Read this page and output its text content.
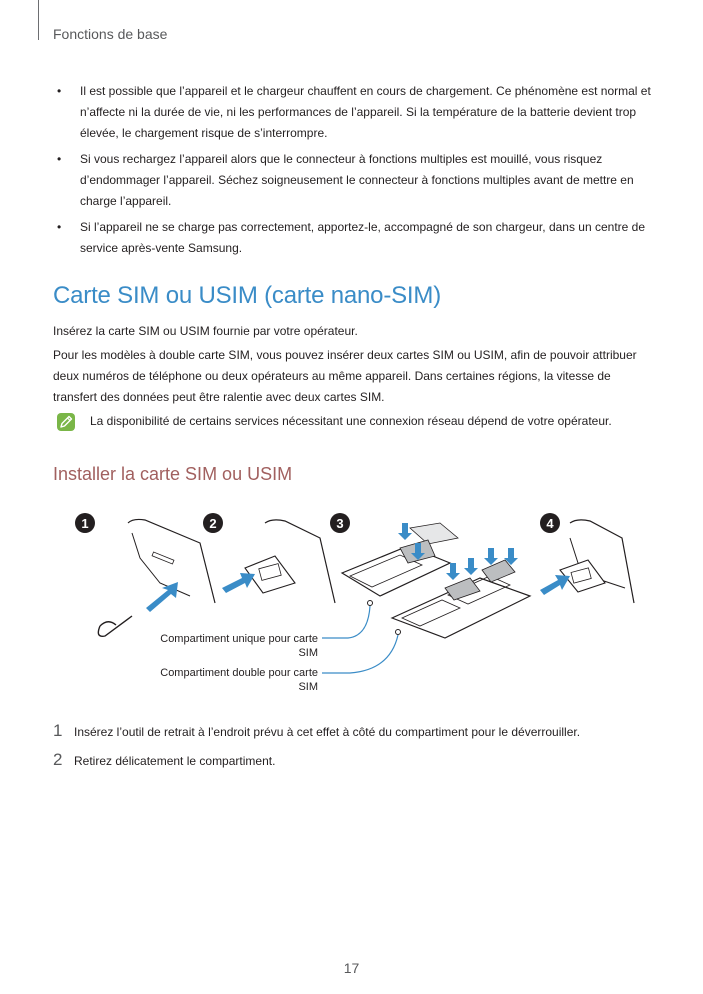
Fonctions de base
• Il est possible que l’appareil et le chargeur chauffent en cours de chargement. Ce phénomène est normal et n’affecte ni la durée de vie, ni les performances de l’appareil. Si la température de la batterie devient trop élevée, le chargement risque de s’interrompre.
• Si vous rechargez l’appareil alors que le connecteur à fonctions multiples est mouillé, vous risquez d’endommager l’appareil. Séchez soigneusement le connecteur à fonctions multiples avant de mettre en charge l’appareil.
• Si l’appareil ne se charge pas correctement, apportez-le, accompagné de son chargeur, dans un centre de service après-vente Samsung.
Carte SIM ou USIM (carte nano-SIM)
Insérez la carte SIM ou USIM fournie par votre opérateur.
Pour les modèles à double carte SIM, vous pouvez insérer deux cartes SIM ou USIM, afin de pouvoir attribuer deux numéros de téléphone ou deux opérateurs au même appareil. Dans certaines régions, la vitesse de transfert des données peut être ralentie avec deux cartes SIM.
La disponibilité de certains services nécessitant une connexion réseau dépend de votre opérateur.
Installer la carte SIM ou USIM
1	2	3	4
Compartiment unique pour carte SIM
Compartiment double pour carte SIM
1 Insérez l’outil de retrait à l’endroit prévu à cet effet à côté du compartiment pour le déverrouiller.
2 Retirez délicatement le compartiment.
17
